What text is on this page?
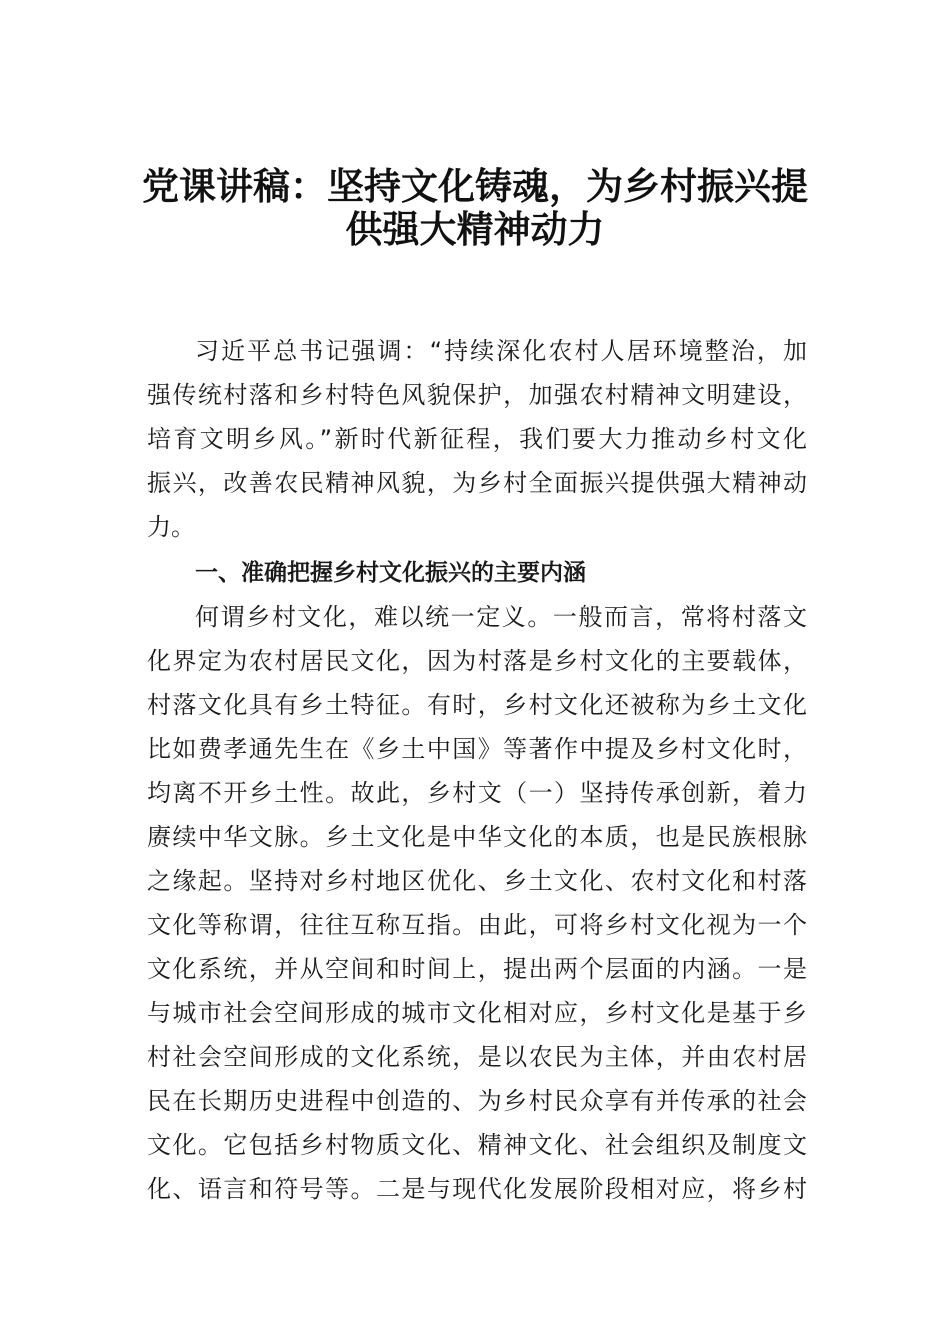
党课讲稿：坚持文化铸魂，为乡村振兴提
供强大精神动力
习近平总书记强调：“持续深化农村人居环境整治，加
强传统村落和乡村特色风貌保护，加强农村精神文明建设，
培育文明乡风。”新时代新征程，我们要大力推动乡村文化
振兴，改善农民精神风貌，为乡村全面振兴提供强大精神动
力。
一、准确把握乡村文化振兴的主要内涵
何谓乡村文化，难以统一定义。一般而言，常将村落文
化界定为农村居民文化，因为村落是乡村文化的主要载体，
村落文化具有乡土特征。有时，乡村文化还被称为乡土文化
比如费孝通先生在《乡土中国》等著作中提及乡村文化时，
均离不开乡土性。故此，乡村文（一）坚持传承创新，着力
赓续中华文脉。乡土文化是中华文化的本质，也是民族根脉
之缘起。坚持对乡村地区优化、乡土文化、农村文化和村落
文化等称谓，往往互称互指。由此，可将乡村文化视为一个
文化系统，并从空间和时间上，提出两个层面的内涵。一是
与城市社会空间形成的城市文化相对应，乡村文化是基于乡
村社会空间形成的文化系统，是以农民为主体，并由农村居
民在长期历史进程中创造的、为乡村民众享有并传承的社会
文化。它包括乡村物质文化、精神文化、社会组织及制度文
化、语言和符号等。二是与现代化发展阶段相对应，将乡村
